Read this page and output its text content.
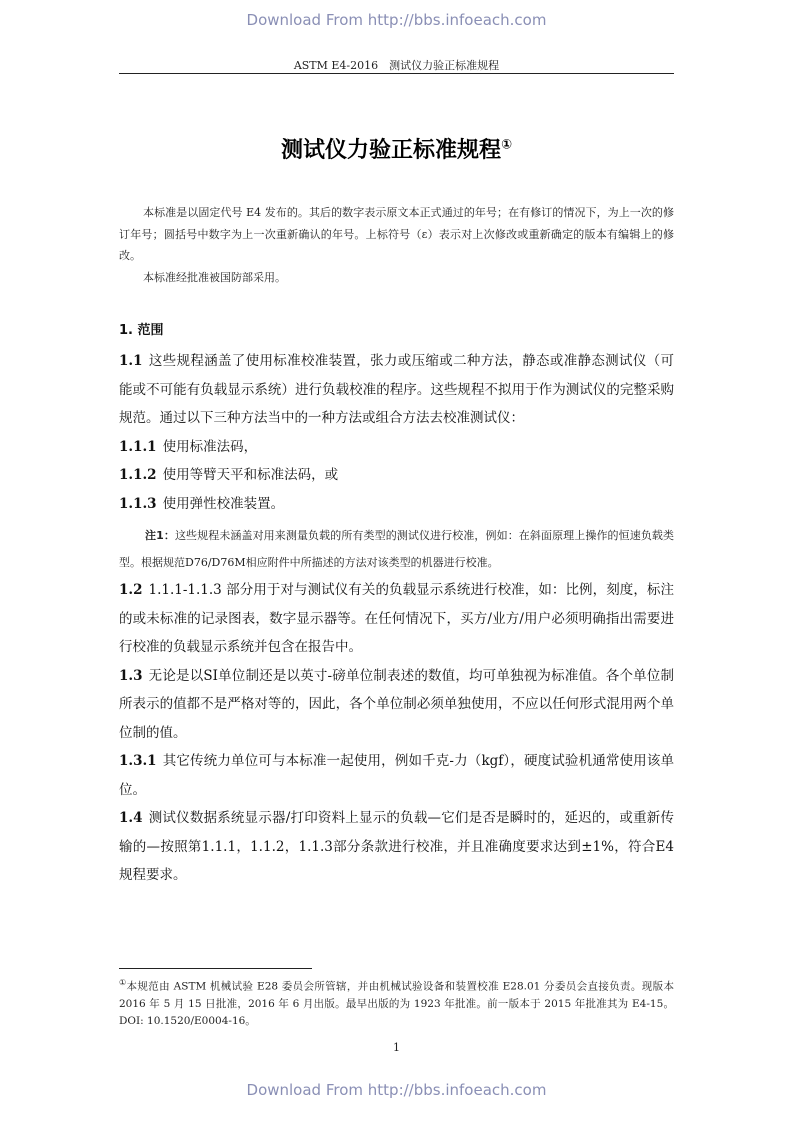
Download From http://bbs.infoeach.com
ASTM E4-2016　测试仪力验正标准规程
测试仪力验正标准规程①

本标准是以固定代号 E4 发布的。其后的数字表示原文本正式通过的年号；在有修订的情况下，为上一次的修订年号；圆括号中数字为上一次重新确认的年号。上标符号（ε）表示对上次修改或重新确定的版本有编辑上的修改。

本标准经批准被国防部采用。

1. 范围

1.1 这些规程涵盖了使用标准校准装置，张力或压缩或二种方法，静态或准静态测试仪（可能或不可能有负载显示系统）进行负载校准的程序。这些规程不拟用于作为测试仪的完整采购规范。通过以下三种方法当中的一种方法或组合方法去校准测试仪：

1.1.1 使用标准法码，

1.1.2 使用等臂天平和标准法码，或

1.1.3 使用弹性校准装置。

注1：这些规程未涵盖对用来测量负载的所有类型的测试仪进行校准，例如：在斜面原理上操作的恒速负载类型。根据规范D76/D76M相应附件中所描述的方法对该类型的机器进行校准。

1.2 1.1.1-1.1.3 部分用于对与测试仪有关的负载显示系统进行校准，如：比例，刻度，标注的或未标准的记录图表，数字显示器等。在任何情况下，买方/业方/用户必须明确指出需要进行校准的负载显示系统并包含在报告中。

1.3 无论是以SI单位制还是以英寸-磅单位制表述的数值，均可单独视为标准值。各个单位制所表示的值都不是严格对等的，因此，各个单位制必须单独使用，不应以任何形式混用两个单位制的值。

1.3.1 其它传统力单位可与本标准一起使用，例如千克-力（kgf），硬度试验机通常使用该单位。

1.4 测试仪数据系统显示器/打印资料上显示的负载—它们是否是瞬时的，延迟的，或重新传输的—按照第1.1.1，1.1.2，1.1.3部分条款进行校准，并且准确度要求达到±1%，符合E4规程要求。

①本规范由 ASTM 机械试验 E28 委员会所管辖，并由机械试验设备和装置校准 E28.01 分委员会直接负责。现版本 2016 年 5 月 15 日批准，2016 年 6 月出版。最早出版的为 1923 年批准。前一版本于 2015 年批准其为 E4-15。DOI: 10.1520/E0004-16。

1
Download From http://bbs.infoeach.com
